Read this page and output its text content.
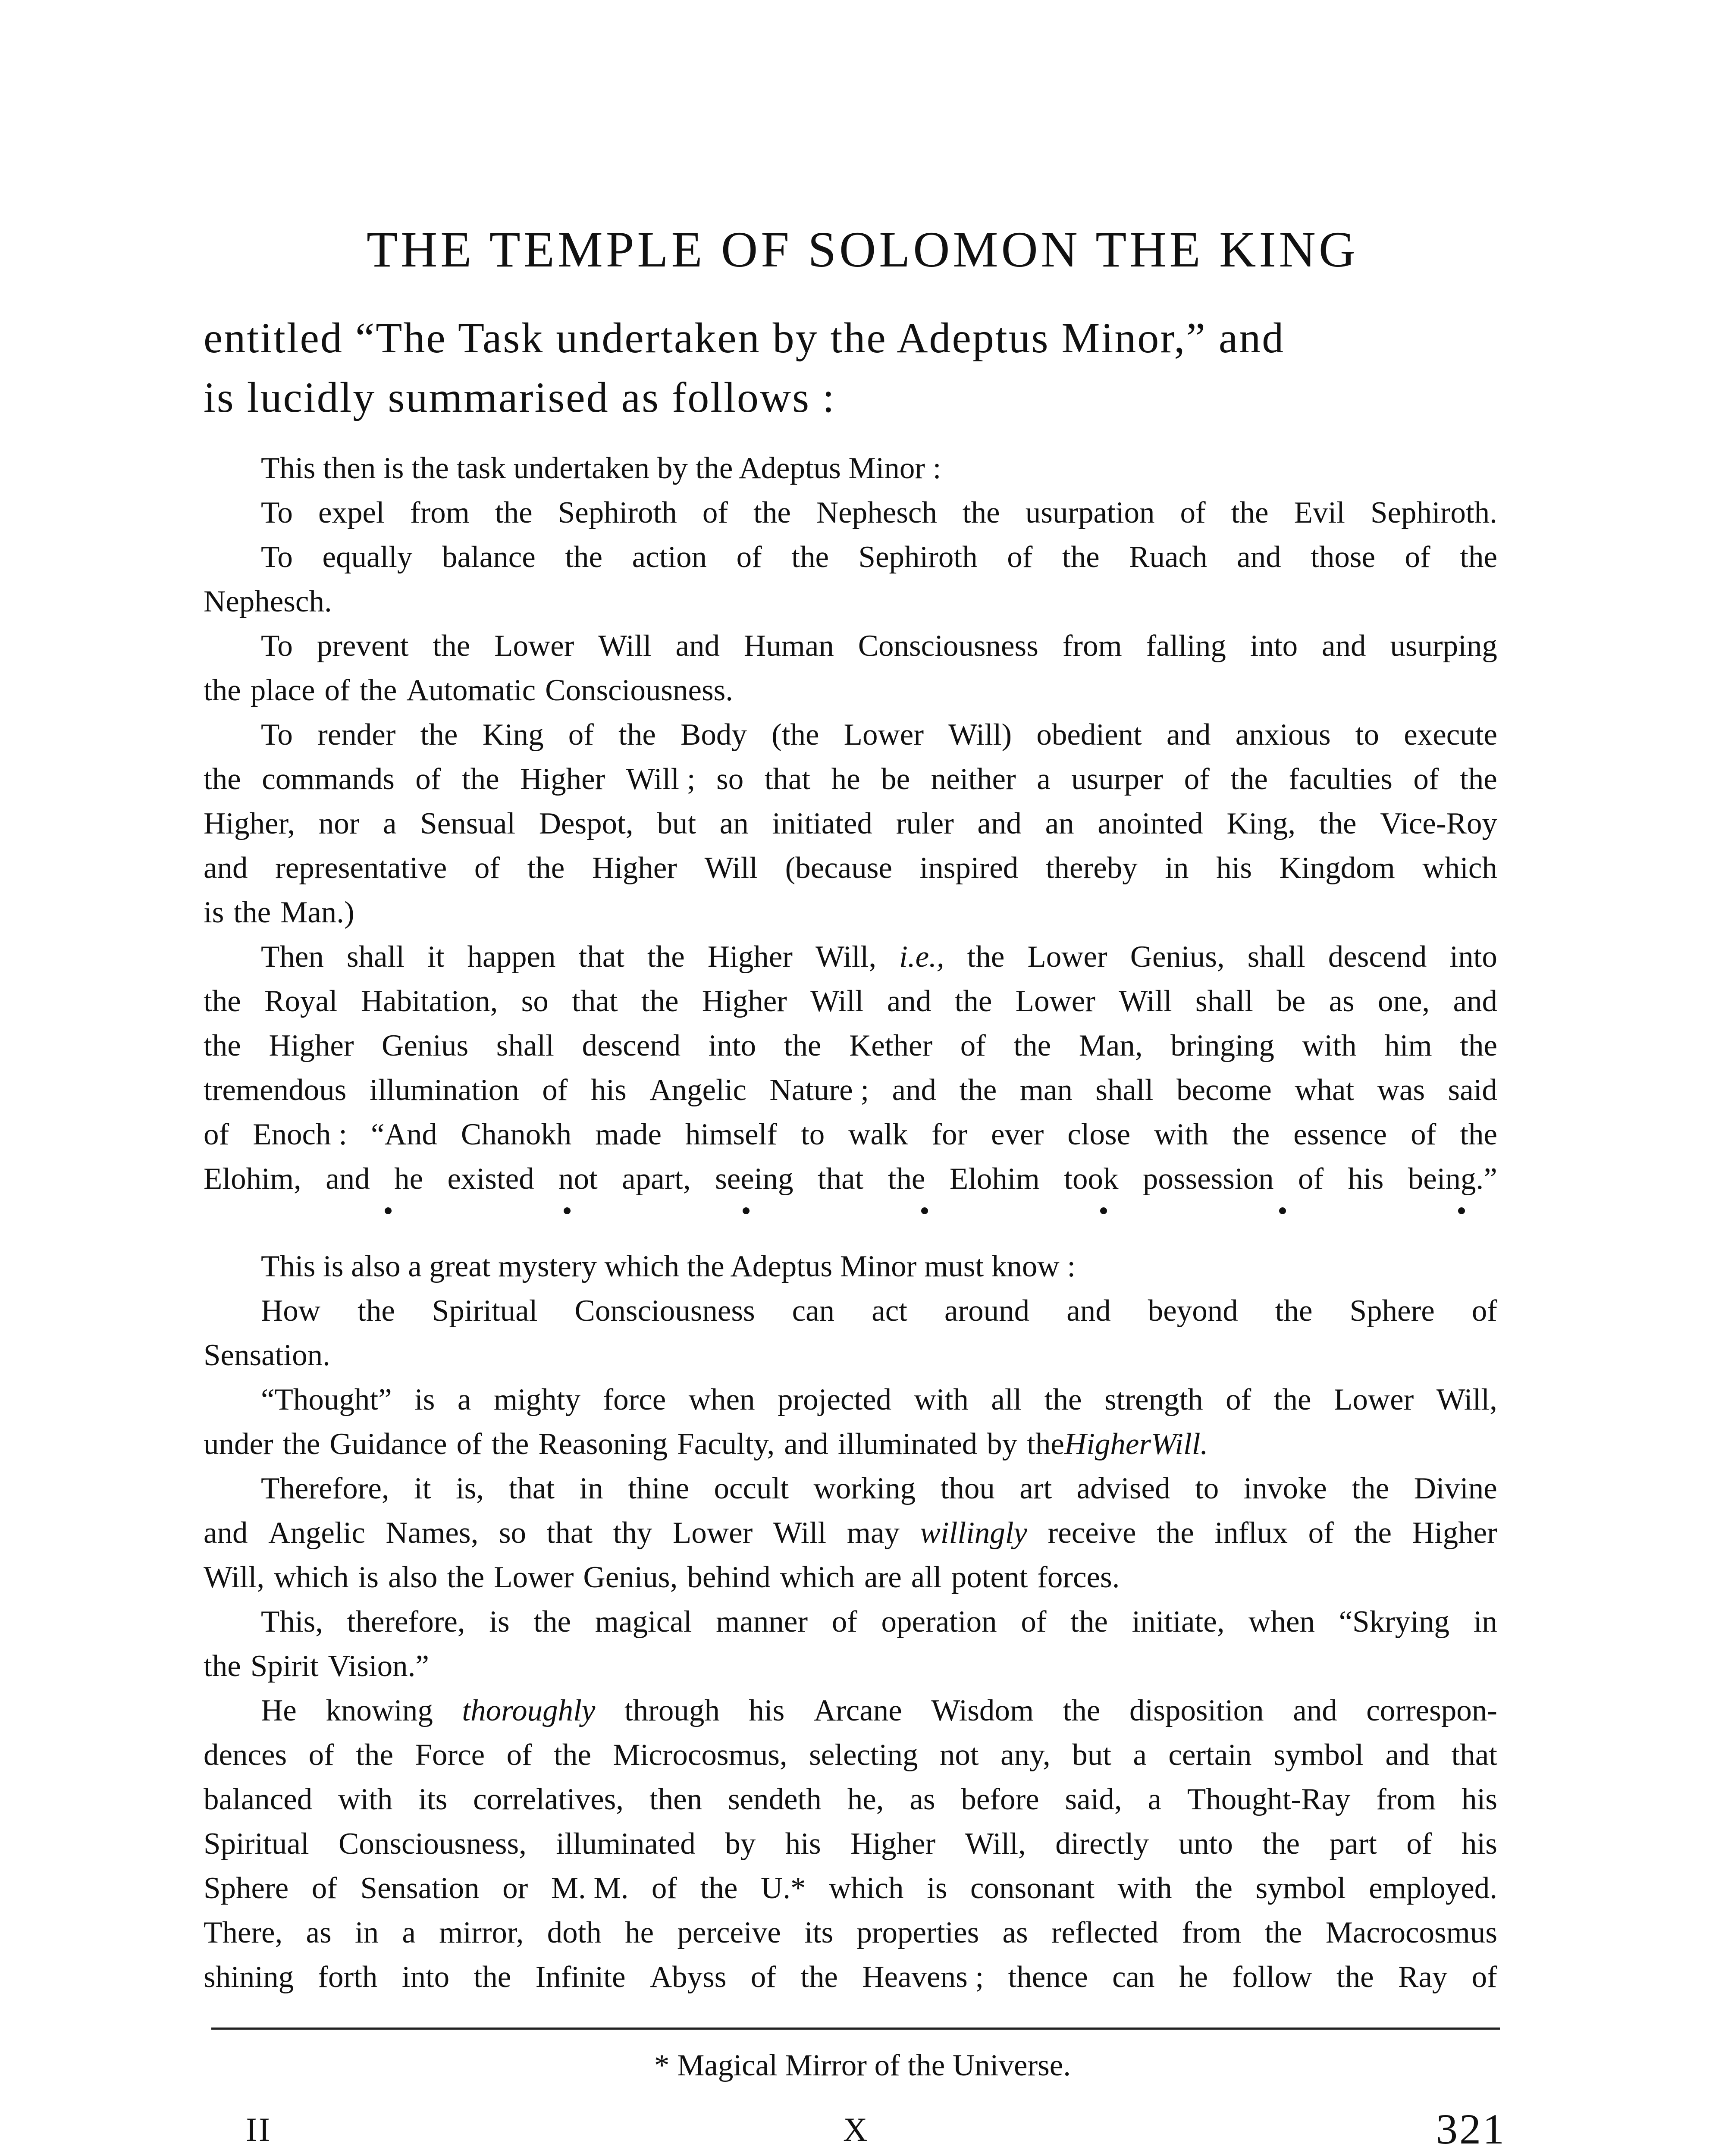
THE TEMPLE OF SOLOMON THE KING
entitled “The Task undertaken by the Adeptus Minor,” and
is lucidly summarised as follows :
This then is the task undertaken by the Adeptus Minor :
To expel from the Sephiroth of the Nephesch the usurpation of the Evil Sephiroth.
To equally balance the action of the Sephiroth of the Ruach and those of the
Nephesch.
To prevent the Lower Will and Human Consciousness from falling into and usurping
the place of the Automatic Consciousness.
To render the King of the Body (the Lower Will) obedient and anxious to execute
the commands of the Higher Will ; so that he be neither a usurper of the faculties of the
Higher, nor a Sensual Despot, but an initiated ruler and an anointed King, the Vice-Roy
and representative of the Higher Will (because inspired thereby in his Kingdom which
is the Man.)
Then shall it happen that the Higher Will, i.e., the Lower Genius, shall descend into
the Royal Habitation, so that the Higher Will and the Lower Will shall be as one, and
the Higher Genius shall descend into the Kether of the Man, bringing with him the
tremendous illumination of his Angelic Nature ; and the man shall become what was said
of Enoch : “And Chanokh made himself to walk for ever close with the essence of the
Elohim, and he existed not apart, seeing that the Elohim took possession of his being.”
This is also a great mystery which the Adeptus Minor must know :
How the Spiritual Consciousness can act around and beyond the Sphere of
Sensation.
“Thought” is a mighty force when projected with all the strength of the Lower Will,
under the Guidance of the Reasoning Faculty, and illuminated by the Higher Will.
Therefore, it is, that in thine occult working thou art advised to invoke the Divine
and Angelic Names, so that thy Lower Will may willingly receive the influx of the Higher
Will, which is also the Lower Genius, behind which are all potent forces.
This, therefore, is the magical manner of operation of the initiate, when “Skrying in
the Spirit Vision.”
He knowing thoroughly through his Arcane Wisdom the disposition and correspon-
dences of the Force of the Microcosmus, selecting not any, but a certain symbol and that
balanced with its correlatives, then sendeth he, as before said, a Thought-Ray from his
Spiritual Consciousness, illuminated by his Higher Will, directly unto the part of his
Sphere of Sensation or M. M. of the U.* which is consonant with the symbol employed.
There, as in a mirror, doth he perceive its properties as reflected from the Macrocosmus
shining forth into the Infinite Abyss of the Heavens ; thence can he follow the Ray of
* Magical Mirror of the Universe.
II	X	321
